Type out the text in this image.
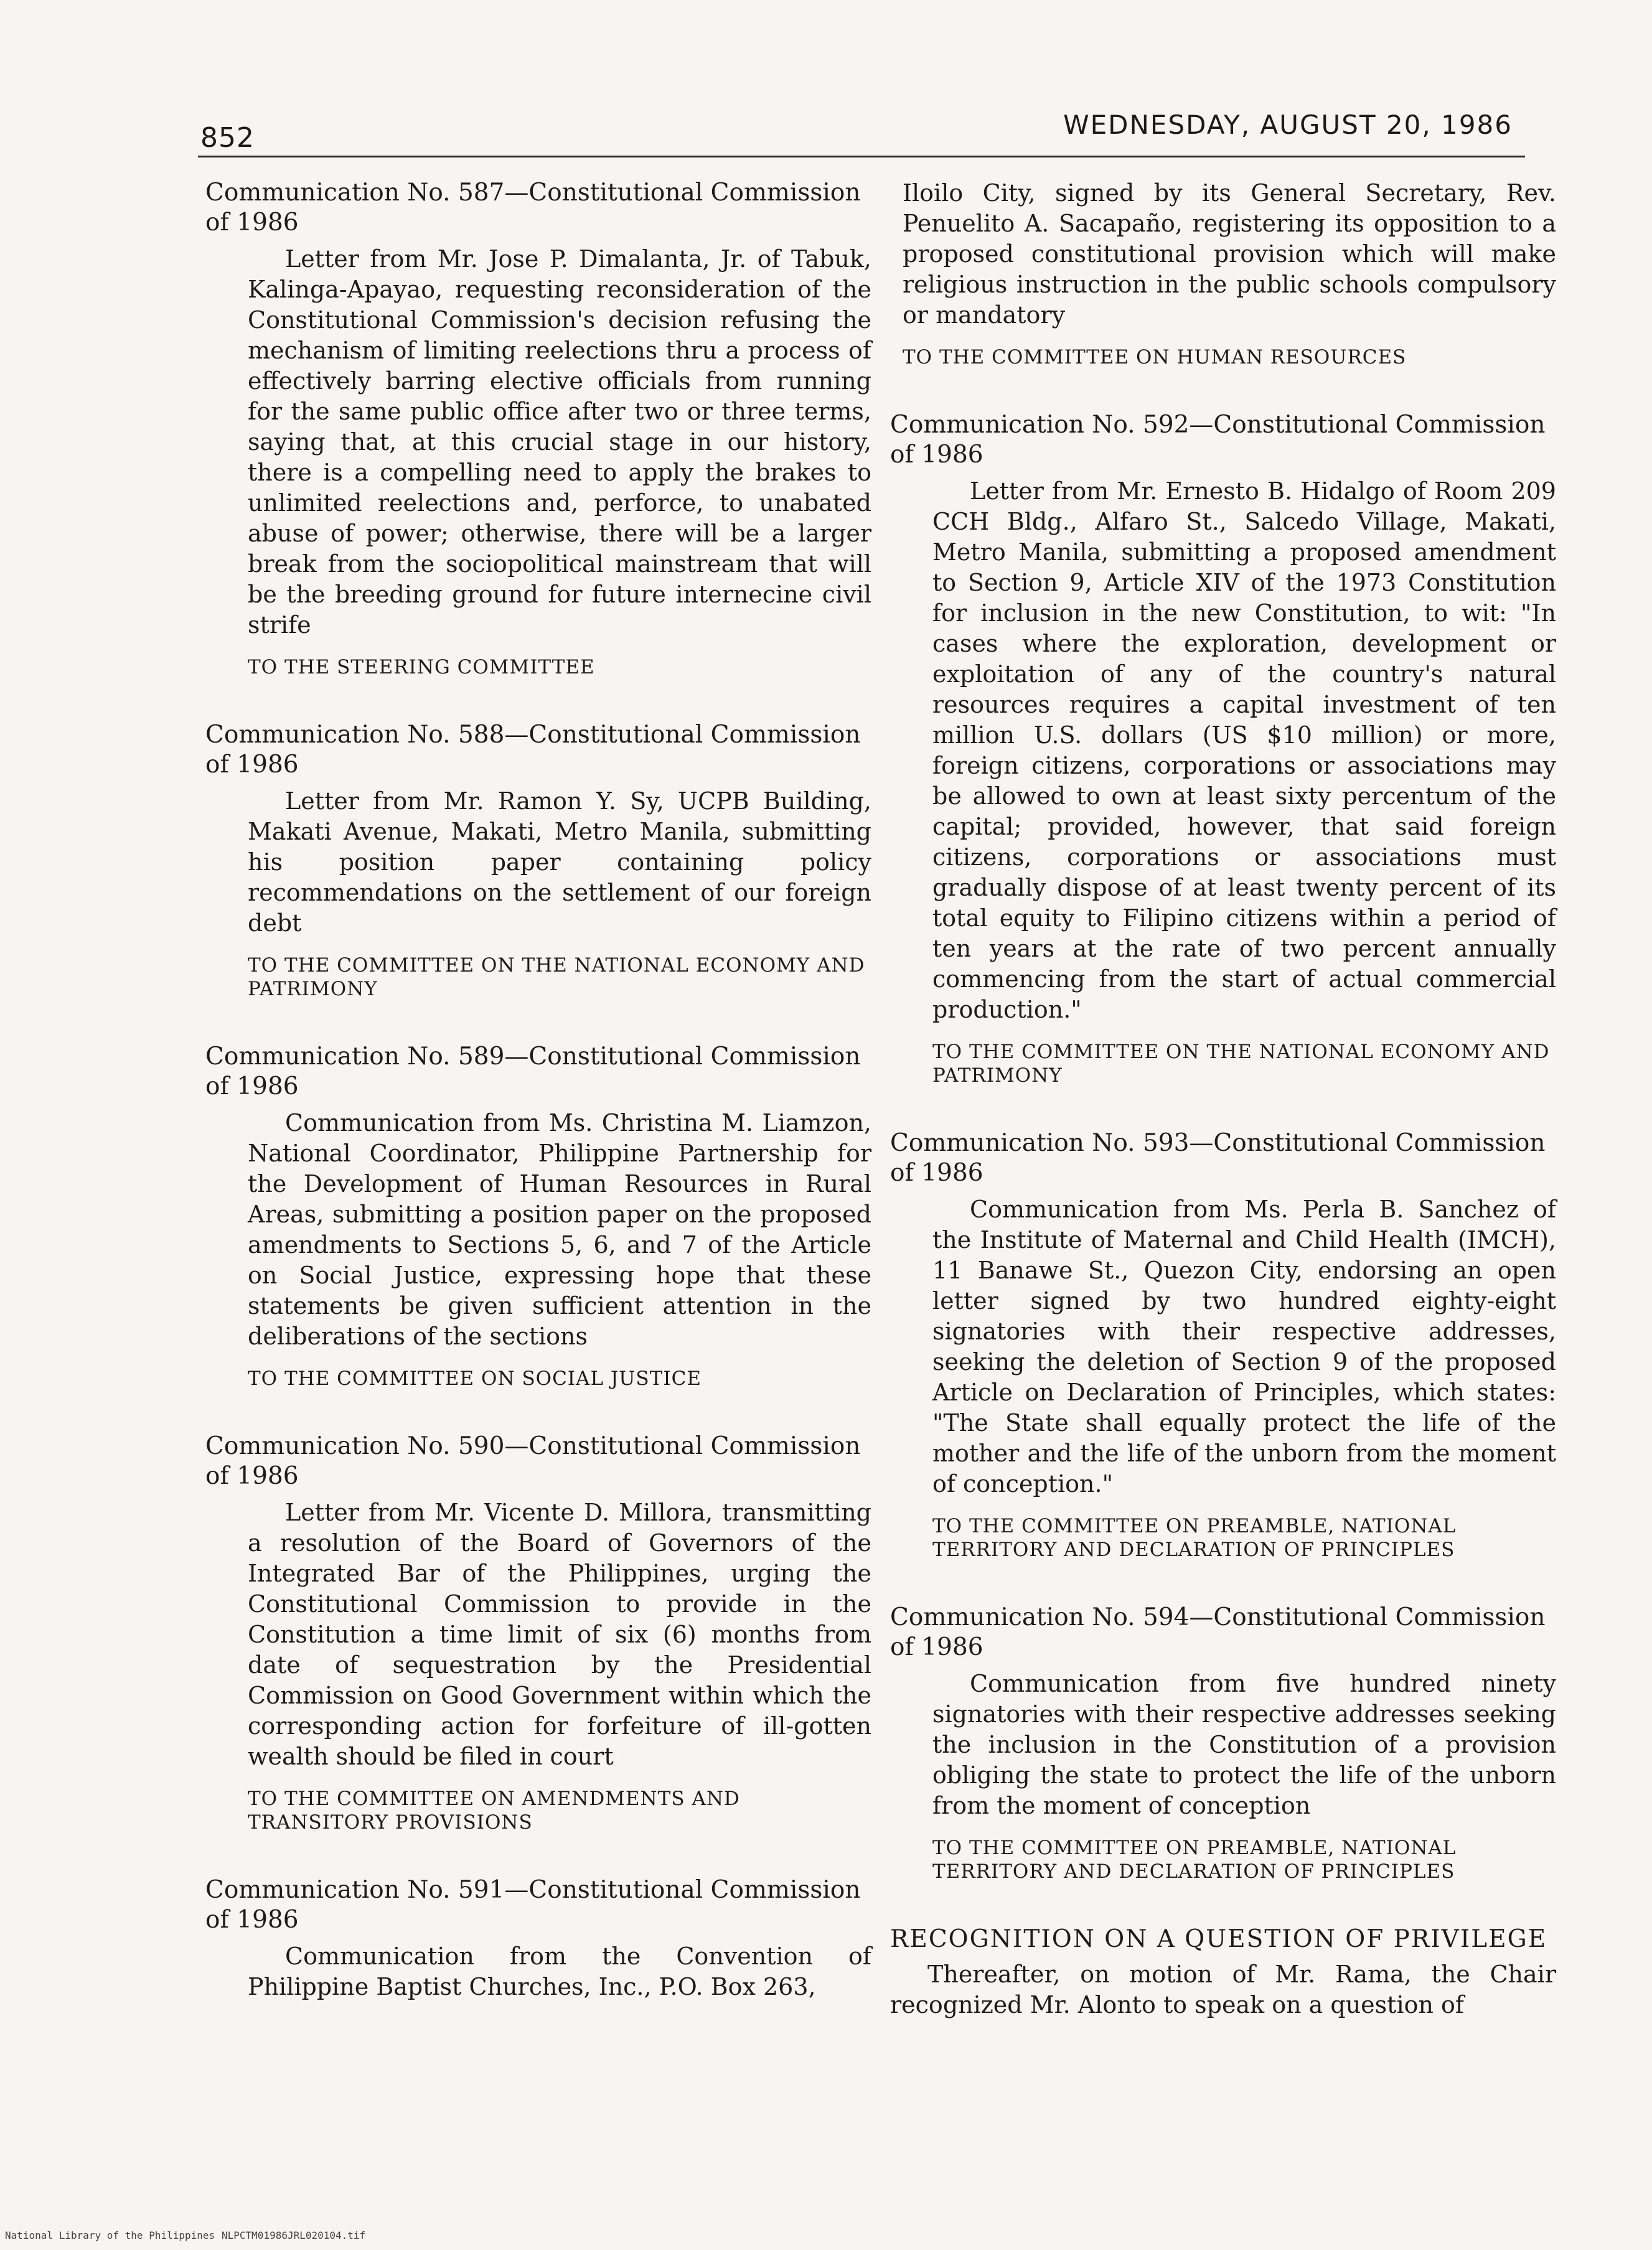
852	WEDNESDAY, AUGUST 20, 1986

Communication No. 587—Constitutional Commission of 1986

Letter from Mr. Jose P. Dimalanta, Jr. of Tabuk, Kalinga-Apayao, requesting reconsideration of the Constitutional Commission's decision refusing the mechanism of limiting reelections thru a process of effectively barring elective officials from running for the same public office after two or three terms, saying that, at this crucial stage in our history, there is a compelling need to apply the brakes to unlimited reelections and, perforce, to unabated abuse of power; otherwise, there will be a larger break from the sociopolitical mainstream that will be the breeding ground for future internecine civil strife

TO THE STEERING COMMITTEE

Communication No. 588—Constitutional Commission of 1986

Letter from Mr. Ramon Y. Sy, UCPB Building, Makati Avenue, Makati, Metro Manila, submitting his position paper containing policy recommendations on the settlement of our foreign debt

TO THE COMMITTEE ON THE NATIONAL ECONOMY AND PATRIMONY

Communication No. 589—Constitutional Commission of 1986

Communication from Ms. Christina M. Liamzon, National Coordinator, Philippine Partnership for the Development of Human Resources in Rural Areas, submitting a position paper on the proposed amendments to Sections 5, 6, and 7 of the Article on Social Justice, expressing hope that these statements be given sufficient attention in the deliberations of the sections

TO THE COMMITTEE ON SOCIAL JUSTICE

Communication No. 590—Constitutional Commission of 1986

Letter from Mr. Vicente D. Millora, transmitting a resolution of the Board of Governors of the Integrated Bar of the Philippines, urging the Constitutional Commission to provide in the Constitution a time limit of six (6) months from date of sequestration by the Presidential Commission on Good Government within which the corresponding action for forfeiture of ill-gotten wealth should be filed in court

TO THE COMMITTEE ON AMENDMENTS AND TRANSITORY PROVISIONS

Communication No. 591—Constitutional Commission of 1986

Communication from the Convention of Philippine Baptist Churches, Inc., P.O. Box 263,

Iloilo City, signed by its General Secretary, Rev. Penuelito A. Sacapaño, registering its opposition to a proposed constitutional provision which will make religious instruction in the public schools compulsory or mandatory

TO THE COMMITTEE ON HUMAN RESOURCES

Communication No. 592—Constitutional Commission of 1986

Letter from Mr. Ernesto B. Hidalgo of Room 209 CCH Bldg., Alfaro St., Salcedo Village, Makati, Metro Manila, submitting a proposed amendment to Section 9, Article XIV of the 1973 Constitution for inclusion in the new Constitution, to wit: "In cases where the exploration, development or exploitation of any of the country's natural resources requires a capital investment of ten million U.S. dollars (US $10 million) or more, foreign citizens, corporations or associations may be allowed to own at least sixty percentum of the capital; provided, however, that said foreign citizens, corporations or associations must gradually dispose of at least twenty percent of its total equity to Filipino citizens within a period of ten years at the rate of two percent annually commencing from the start of actual commercial production."

TO THE COMMITTEE ON THE NATIONAL ECONOMY AND PATRIMONY

Communication No. 593—Constitutional Commission of 1986

Communication from Ms. Perla B. Sanchez of the Institute of Maternal and Child Health (IMCH), 11 Banawe St., Quezon City, endorsing an open letter signed by two hundred eighty-eight signatories with their respective addresses, seeking the deletion of Section 9 of the proposed Article on Declaration of Principles, which states: "The State shall equally protect the life of the mother and the life of the unborn from the moment of conception."

TO THE COMMITTEE ON PREAMBLE, NATIONAL TERRITORY AND DECLARATION OF PRINCIPLES

Communication No. 594—Constitutional Commission of 1986

Communication from five hundred ninety signatories with their respective addresses seeking the inclusion in the Constitution of a provision obliging the state to protect the life of the unborn from the moment of conception

TO THE COMMITTEE ON PREAMBLE, NATIONAL TERRITORY AND DECLARATION OF PRINCIPLES

RECOGNITION ON A QUESTION OF PRIVILEGE

Thereafter, on motion of Mr. Rama, the Chair recognized Mr. Alonto to speak on a question of

National Library of the Philippines NLPCTM01986JRL020104.tif
